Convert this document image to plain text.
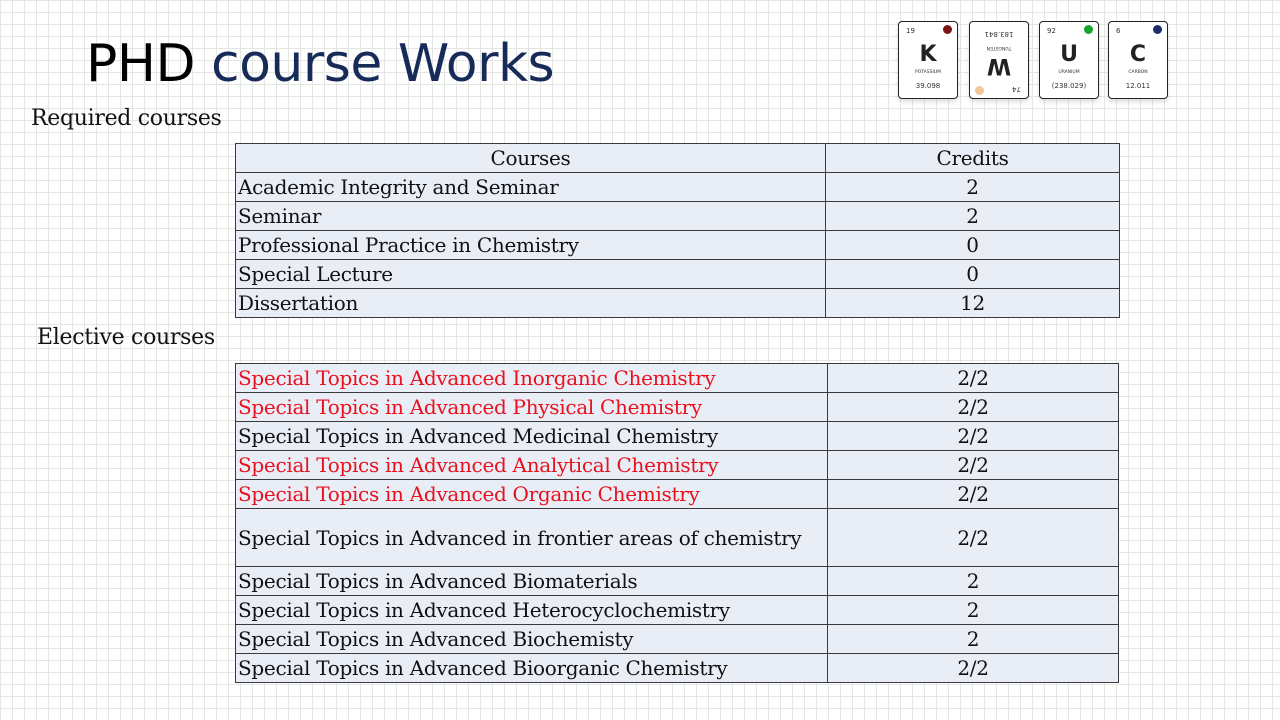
PHD course Works
19
K
POTASSIUM
39.098	74
W
TUNGSTEN
183.841	92
U
URANIUM
(238.029)
6
C
CARBON
12.011
Required courses
Courses	Credits
Academic Integrity and Seminar	2
Seminar	2
Professional Practice in Chemistry	0
Special Lecture	0
Dissertation	12
Elective courses
Special Topics in Advanced Inorganic Chemistry	2/2
Special Topics in Advanced Physical Chemistry	2/2
Special Topics in Advanced Medicinal Chemistry	2/2
Special Topics in Advanced Analytical Chemistry	2/2
Special Topics in Advanced Organic Chemistry	2/2
Special Topics in Advanced in frontier areas of chemistry	2/2
Special Topics in Advanced Biomaterials	2
Special Topics in Advanced Heterocyclochemistry	2
Special Topics in Advanced Biochemisty	2
Special Topics in Advanced Bioorganic Chemistry	2/2
